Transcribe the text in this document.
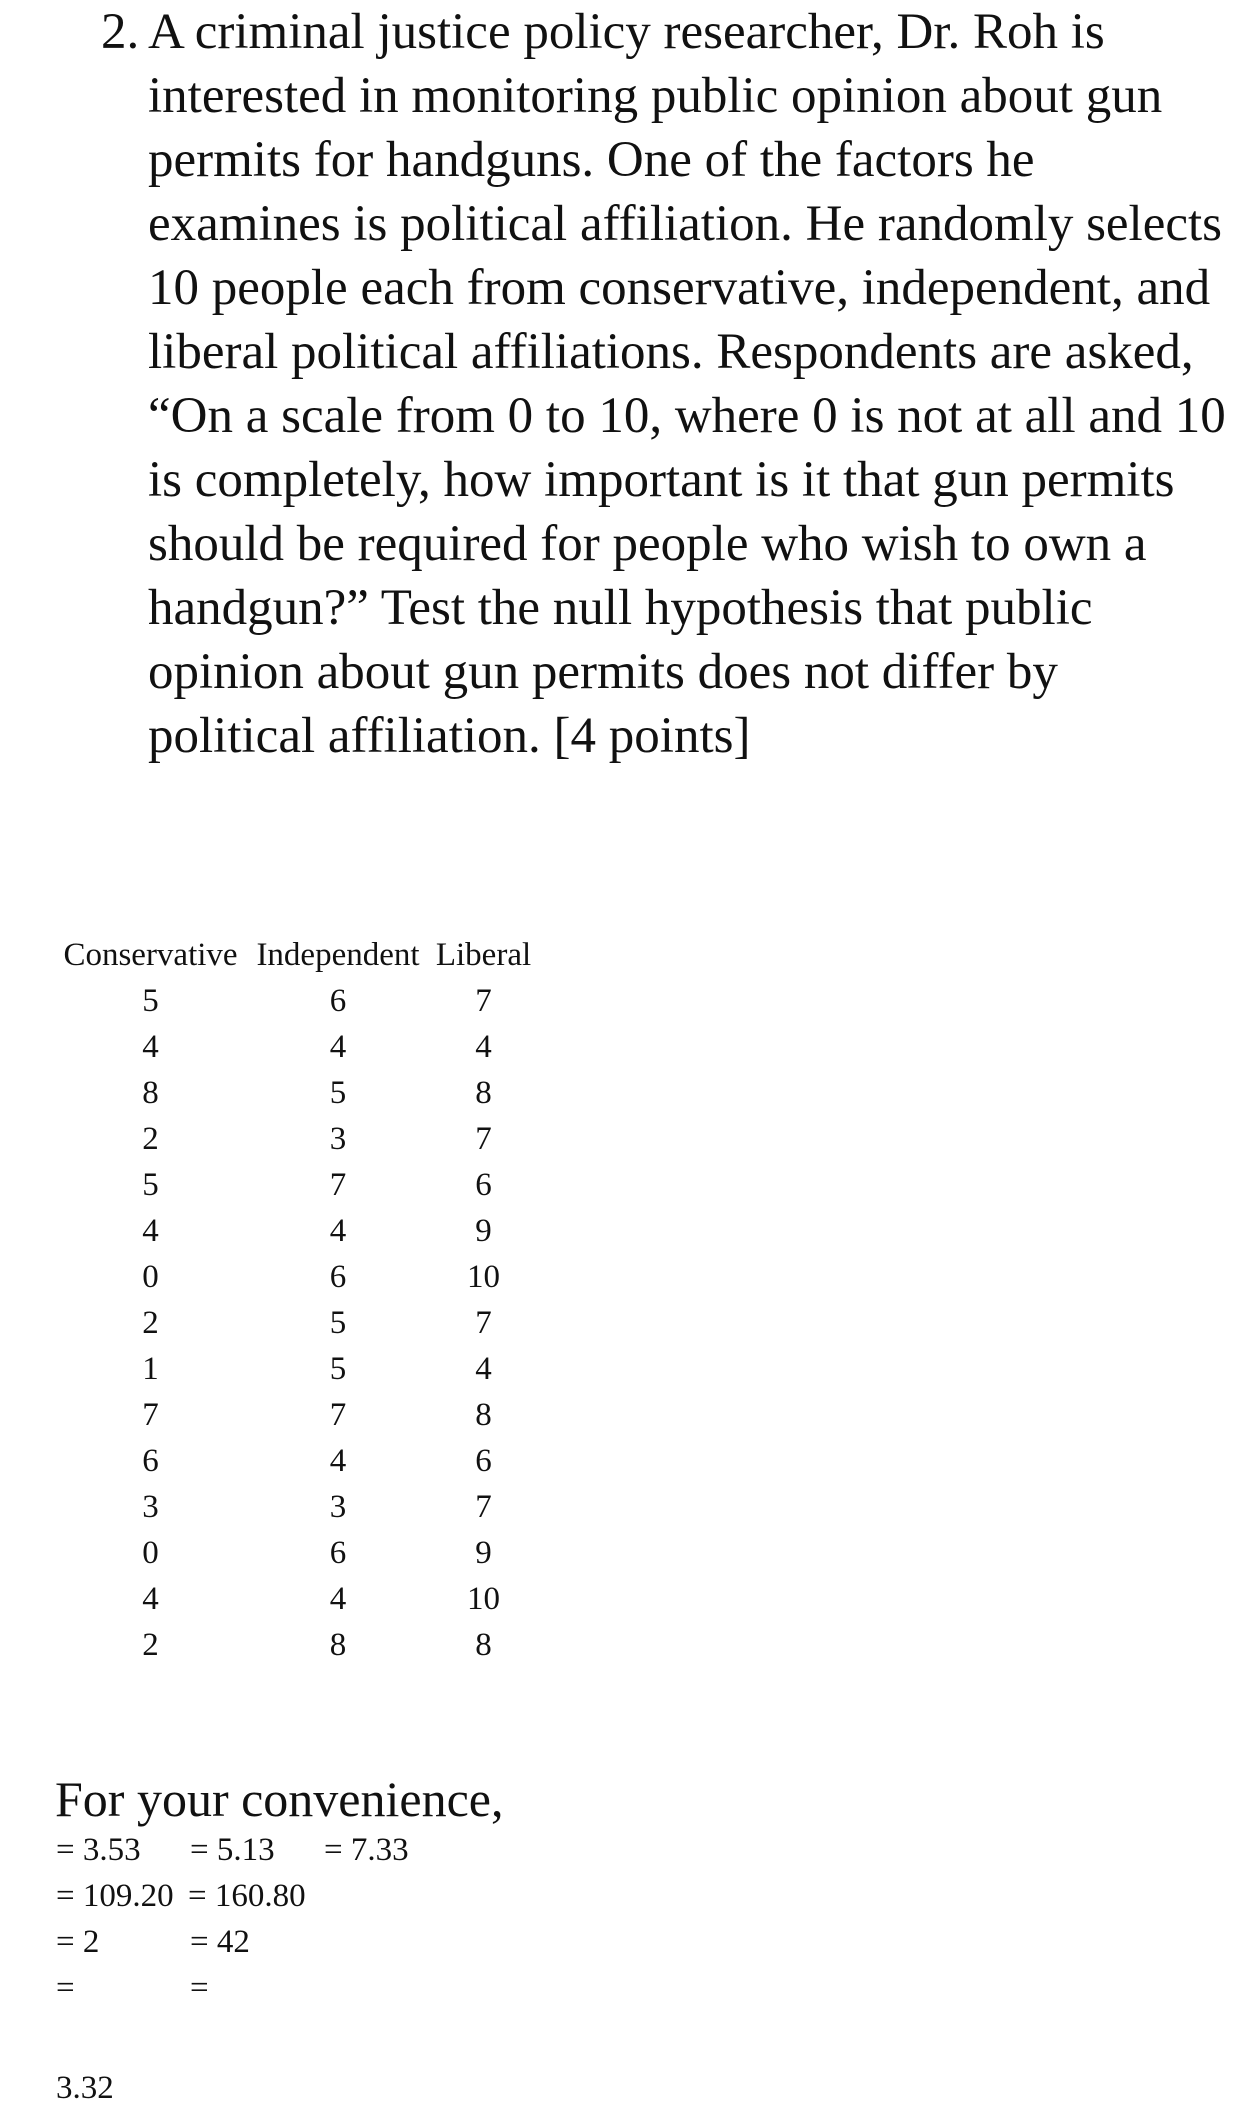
2. A criminal justice policy researcher, Dr. Roh is interested in monitoring public opinion about gun permits for handguns. One of the factors he examines is political affiliation. He randomly selects 10 people each from conservative, independent, and liberal political affiliations. Respondents are asked, “On a scale from 0 to 10, where 0 is not at all and 10 is completely, how important is it that gun permits should be required for people who wish to own a handgun?” Test the null hypothesis that public opinion about gun permits does not differ by political affiliation. [4 points]
Conservative	Independent	Liberal
5	6	7
4	4	4
8	5	8
2	3	7
5	7	6
4	4	9
0	6	10
2	5	7
1	5	4
7	7	8
6	4	6
3	3	7
0	6	9
4	4	10
2	8	8
For your convenience,
= 3.53 = 5.13 = 7.33
= 109.20 = 160.80
= 2	= 42
=	=
3.32
